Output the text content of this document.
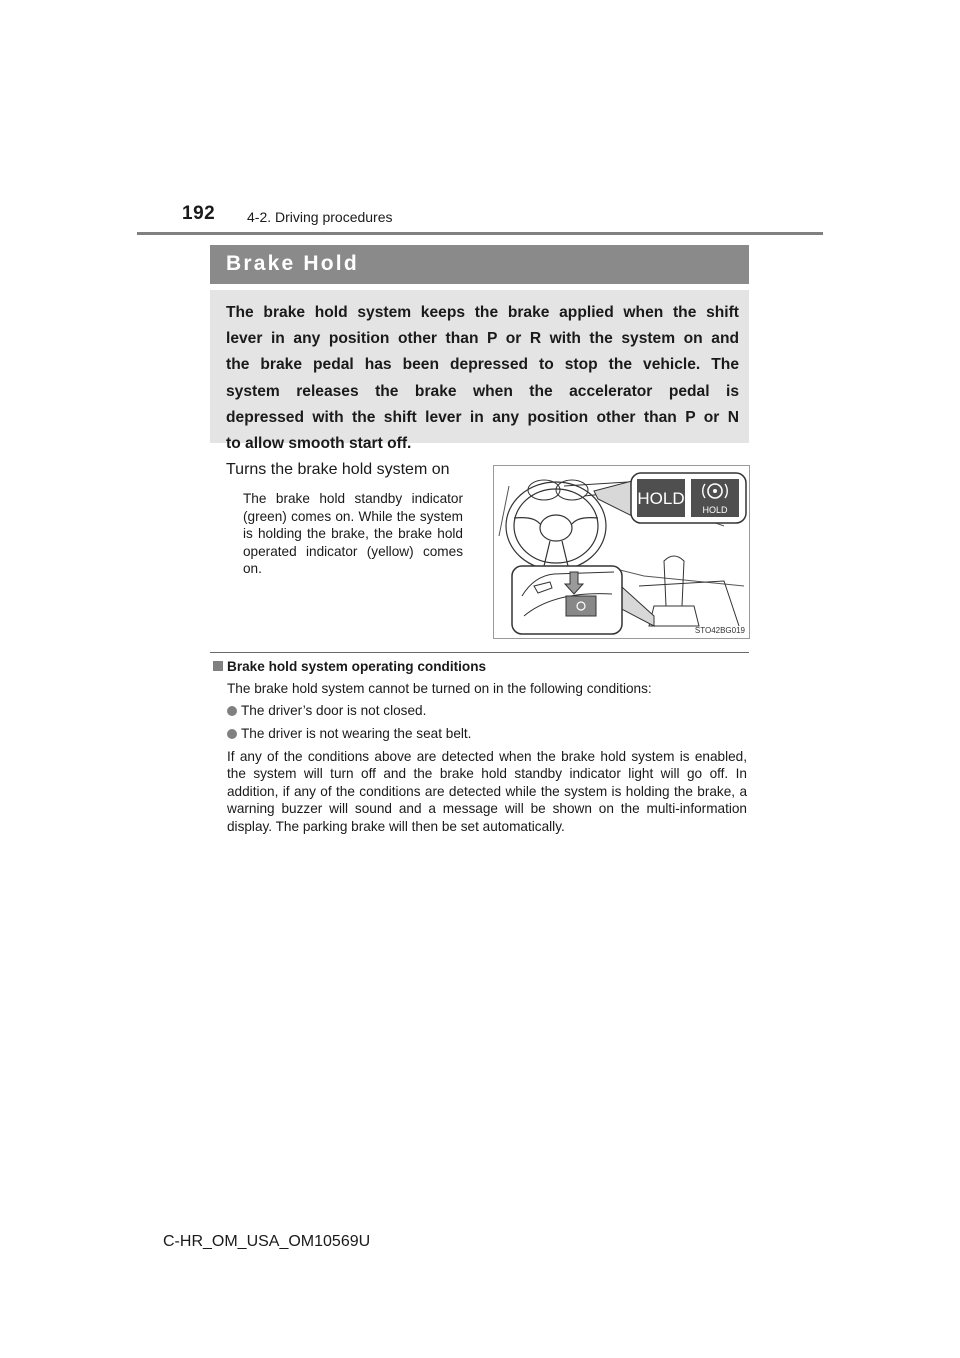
192 4-2. Driving procedures
Brake Hold
The brake hold system keeps the brake applied when the shift
lever in any position other than P or R with the system on and
the brake pedal has been depressed to stop the vehicle. The
system releases the brake when the accelerator pedal is
depressed with the shift lever in any position other than P or N
to allow smooth start off.
Turns the brake hold system on
The brake hold standby indicator (green) comes on. While the system is holding the brake, the brake hold operated indicator (yellow) comes on.
HOLD
HOLD
STO42BG019
Brake hold system operating conditions
The brake hold system cannot be turned on in the following conditions:
The driver’s door is not closed.
The driver is not wearing the seat belt.
If any of the conditions above are detected when the brake hold system is enabled, the system will turn off and the brake hold standby indicator light will go off. In addition, if any of the conditions are detected while the system is holding the brake, a warning buzzer will sound and a message will be shown on the multi-information display. The parking brake will then be set automatically.
C-HR_OM_USA_OM10569U
